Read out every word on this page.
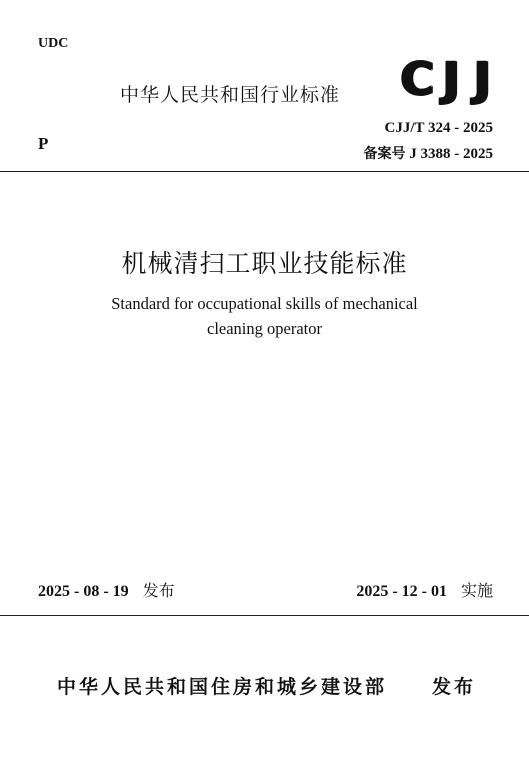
UDC
中华人民共和国行业标准 C J J
P
CJJ/T 324 - 2025
备案号 J 3388 - 2025
机械清扫工职业技能标准
Standard for occupational skills of mechanical
cleaning operator
2025 - 08 - 19 发布	2025 - 12 - 01 实施
中华人民共和国住房和城乡建设部 发布
